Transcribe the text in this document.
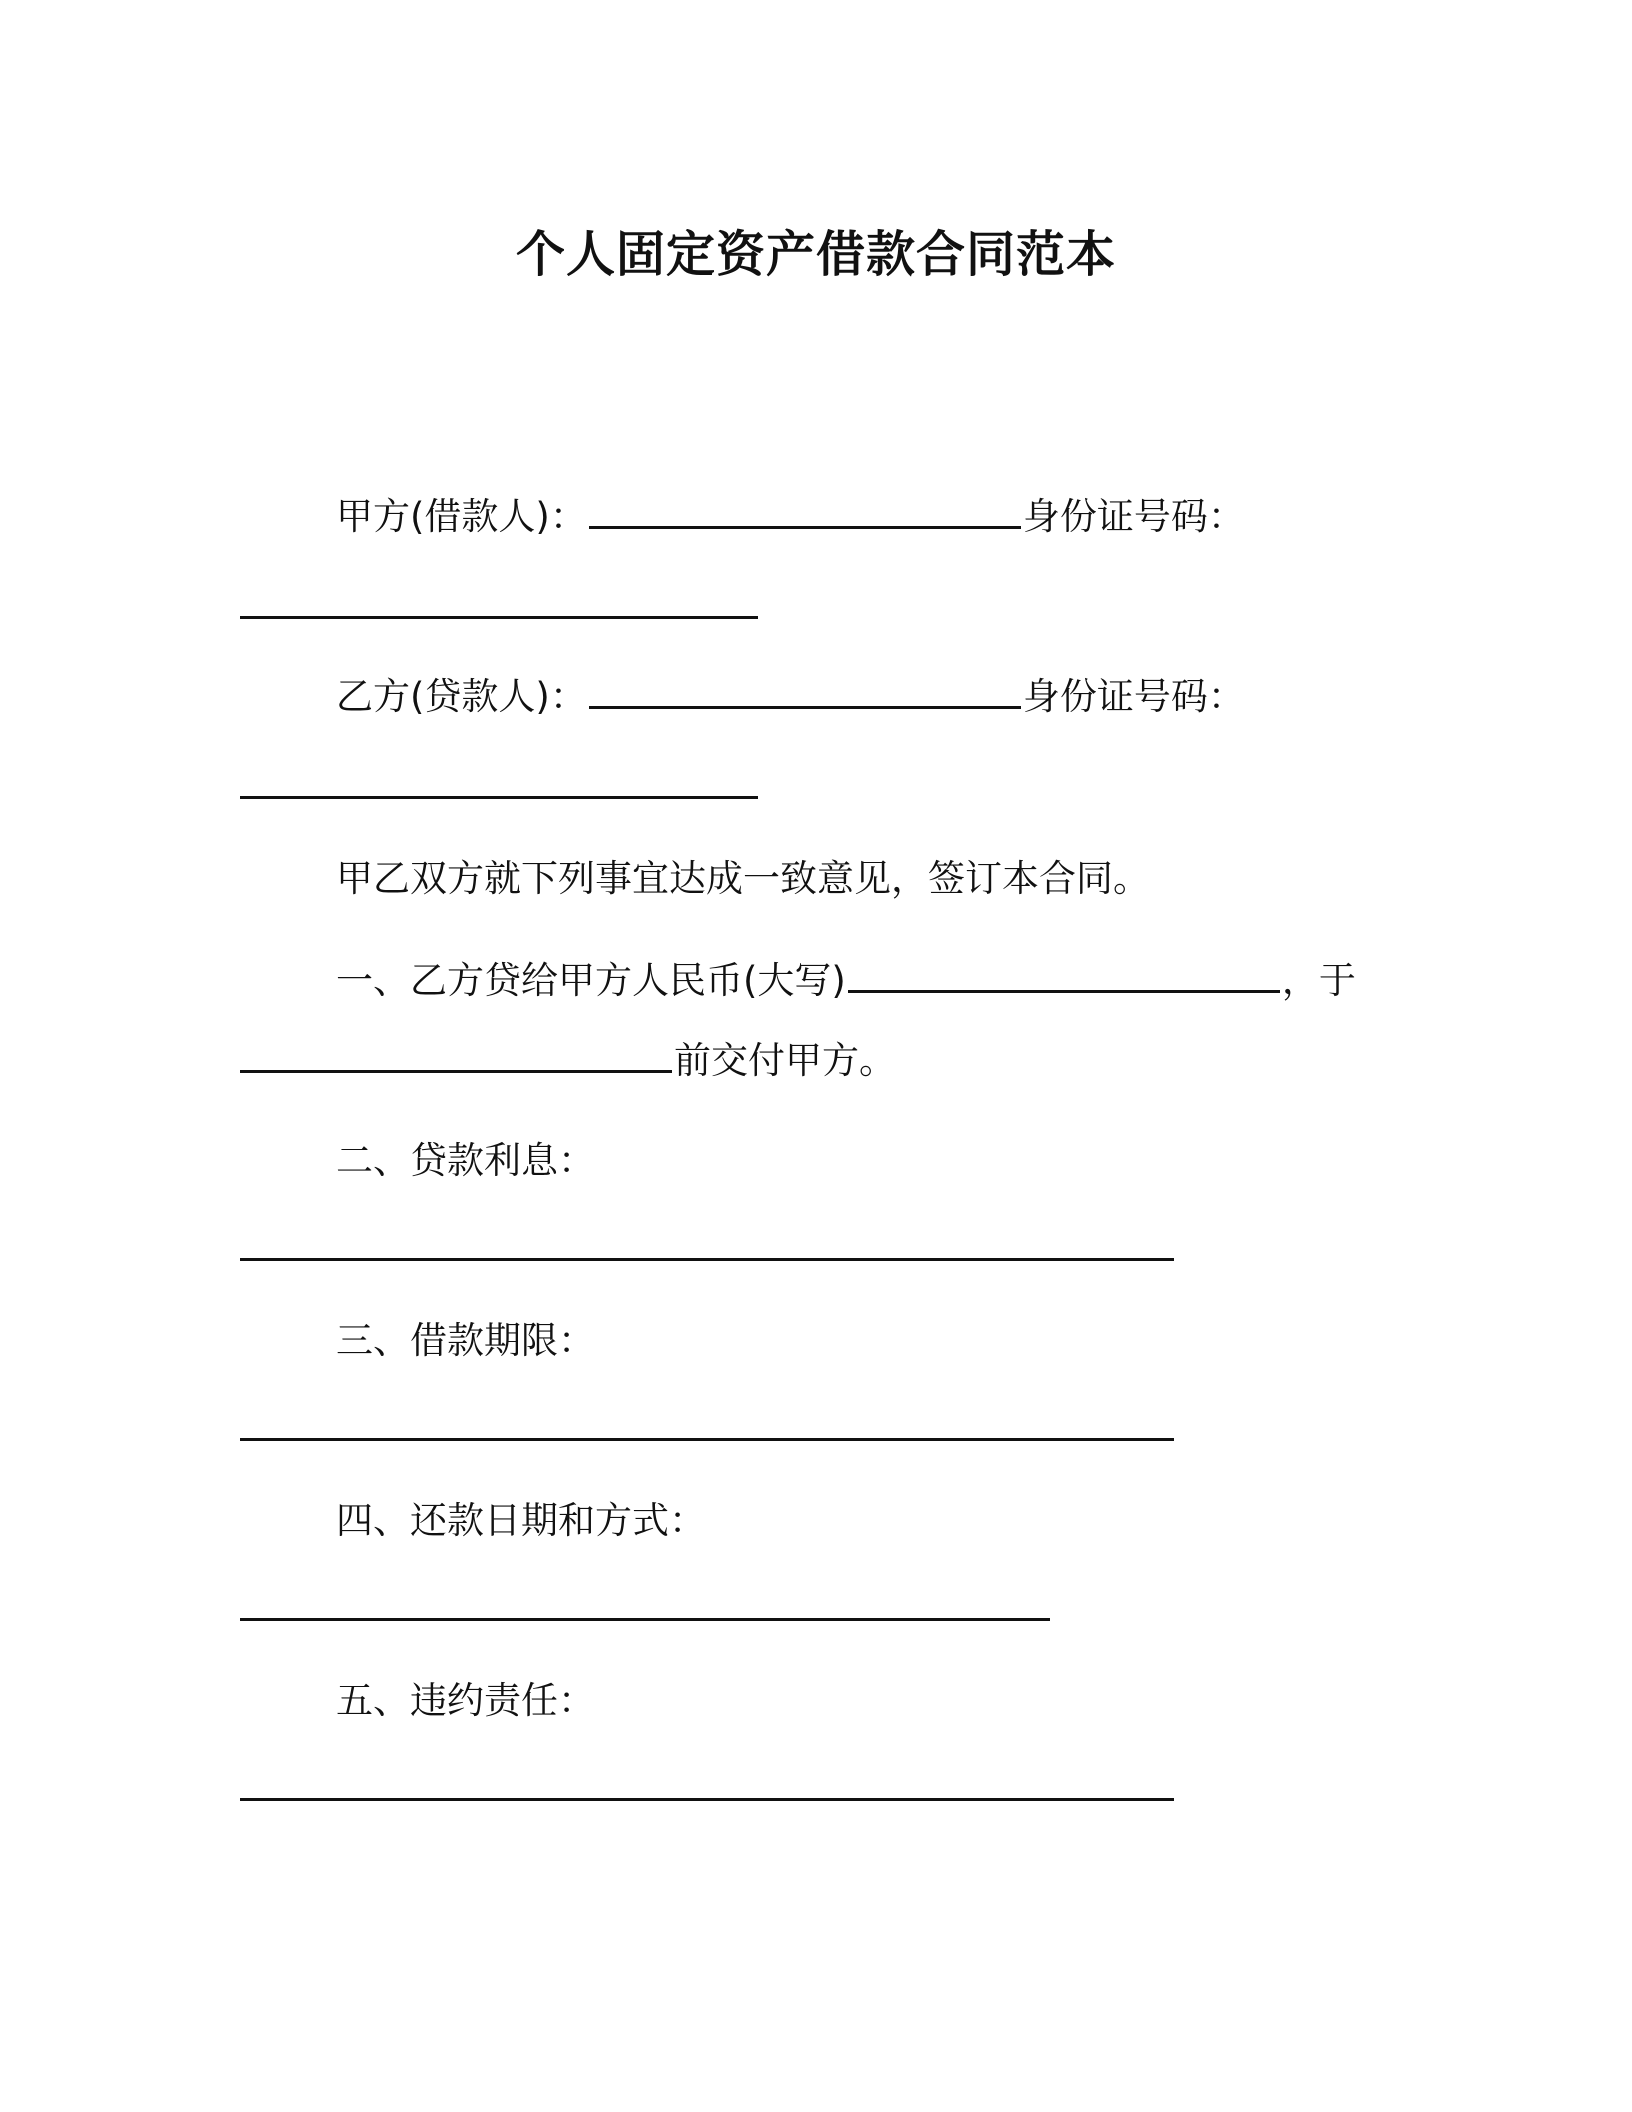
个人固定资产借款合同范本
甲方(借款人)：	身份证号码：
乙方(贷款人)：	身份证号码：
甲乙双方就下列事宜达成一致意见，签订本合同。
一、乙方贷给甲方人民币(大写)	，于
前交付甲方。
二、贷款利息：
三、借款期限：
四、还款日期和方式：
五、违约责任：
